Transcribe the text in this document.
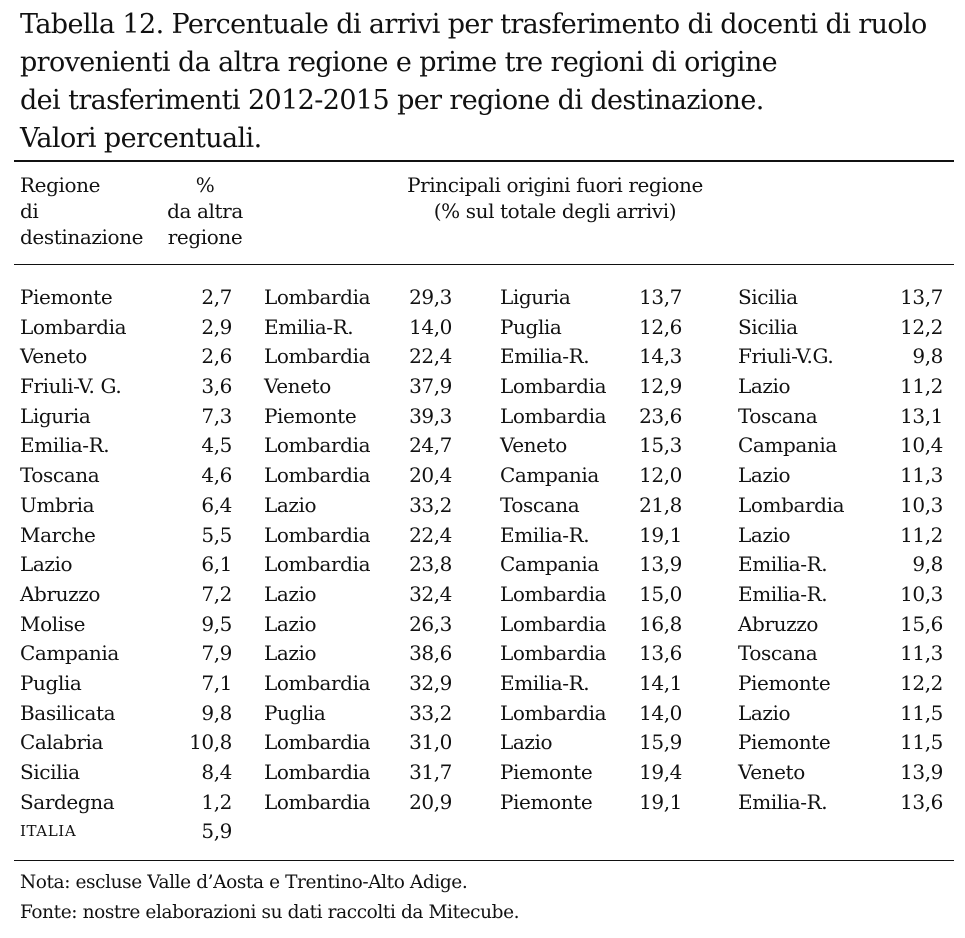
Tabella 12. Percentuale di arrivi per trasferimento di docenti di ruolo
provenienti da altra regione e prime tre regioni di origine
dei trasferimenti 2012-2015 per regione di destinazione.
Valori percentuali.
Regione
di
destinazione
%
da altra
regione
Principali origini fuori regione
(% sul totale degli arrivi)
Piemonte	2,7 Lombardia 29,3 Liguria	13,7	Sicilia	13,7
Lombardia	2,9 Emilia-R.	14,0 Puglia	12,6	Sicilia	12,2
Veneto	2,6 Lombardia 22,4 Emilia-R. 14,3	Friuli-V.G.	9,8
Friuli-V. G.	3,6 Veneto	37,9 Lombardia 12,9	Lazio	11,2
Liguria	7,3 Piemonte	39,3 Lombardia 23,6	Toscana	13,1
Emilia-R.	4,5 Lombardia 24,7 Veneto	15,3	Campania	10,4
Toscana	4,6 Lombardia 20,4 Campania 12,0	Lazio	11,3
Umbria	6,4 Lazio	33,2 Toscana	21,8	Lombardia	10,3
Marche	5,5 Lombardia 22,4 Emilia-R. 19,1	Lazio	11,2
Lazio	6,1 Lombardia 23,8 Campania 13,9	Emilia-R.	9,8
Abruzzo	7,2 Lazio	32,4 Lombardia 15,0	Emilia-R.	10,3
Molise	9,5 Lazio	26,3 Lombardia 16,8	Abruzzo	15,6
Campania	7,9 Lazio	38,6 Lombardia 13,6	Toscana	11,3
Puglia	7,1 Lombardia 32,9 Emilia-R. 14,1	Piemonte	12,2
Basilicata	9,8 Puglia	33,2 Lombardia 14,0	Lazio	11,5
Calabria	10,8 Lombardia 31,0 Lazio	15,9	Piemonte	11,5
Sicilia	8,4 Lombardia 31,7 Piemonte 19,4	Veneto	13,9
Sardegna	1,2 Lombardia 20,9 Piemonte 19,1	Emilia-R.	13,6
ITALIA	5,9
Nota: escluse Valle d’Aosta e Trentino-Alto Adige.
Fonte: nostre elaborazioni su dati raccolti da Mitecube.
